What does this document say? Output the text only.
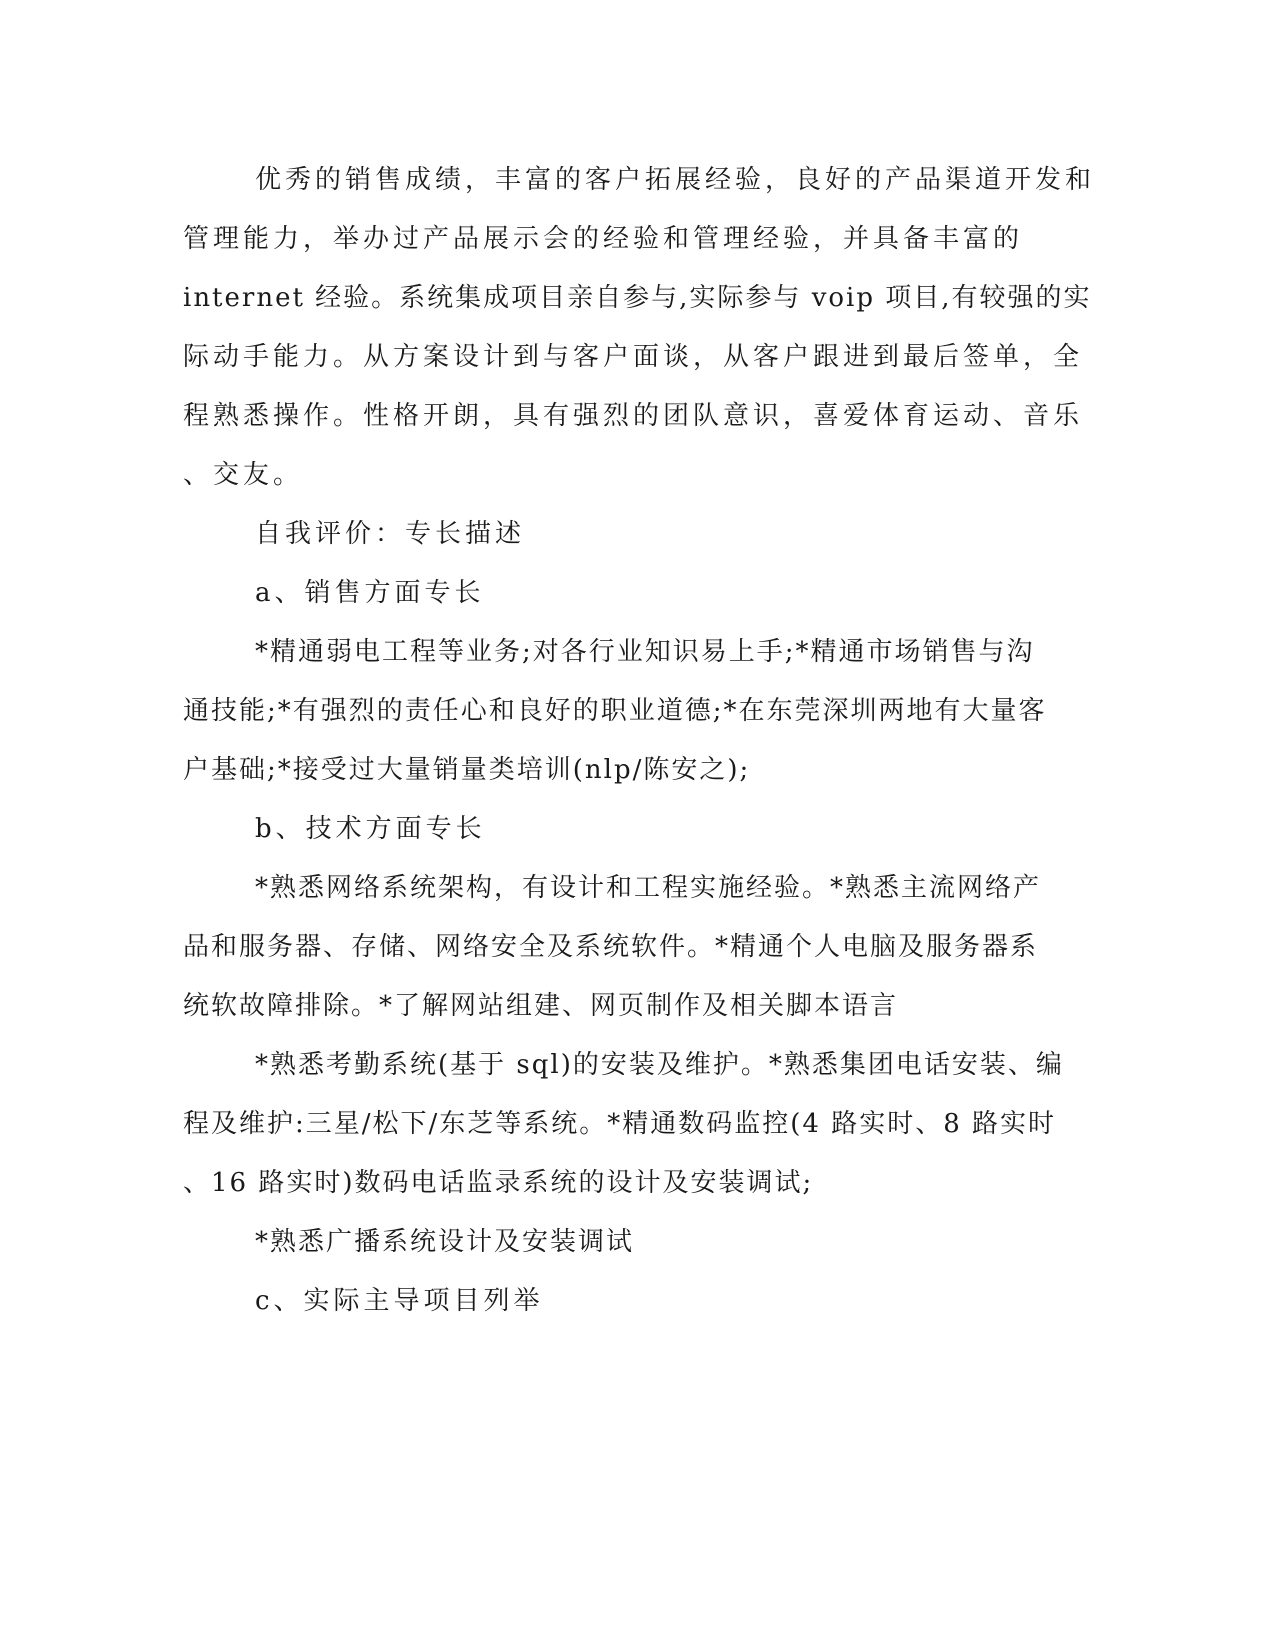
优秀的销售成绩，丰富的客户拓展经验，良好的产品渠道开发和
管理能力，举办过产品展示会的经验和管理经验，并具备丰富的
internet 经验。系统集成项目亲自参与,实际参与 voip 项目,有较强的实
际动手能力。从方案设计到与客户面谈，从客户跟进到最后签单，全
程熟悉操作。性格开朗，具有强烈的团队意识，喜爱体育运动、音乐
、交友。
自我评价：专长描述
a、销售方面专长
*精通弱电工程等业务;对各行业知识易上手;*精通市场销售与沟
通技能;*有强烈的责任心和良好的职业道德;*在东莞深圳两地有大量客
户基础;*接受过大量销量类培训(nlp/陈安之);
b、技术方面专长
*熟悉网络系统架构，有设计和工程实施经验。*熟悉主流网络产
品和服务器、存储、网络安全及系统软件。*精通个人电脑及服务器系
统软故障排除。*了解网站组建、网页制作及相关脚本语言
*熟悉考勤系统(基于 sql)的安装及维护。*熟悉集团电话安装、编
程及维护:三星/松下/东芝等系统。*精通数码监控(4 路实时、8 路实时
、16 路实时)数码电话监录系统的设计及安装调试;
*熟悉广播系统设计及安装调试
c、实际主导项目列举
